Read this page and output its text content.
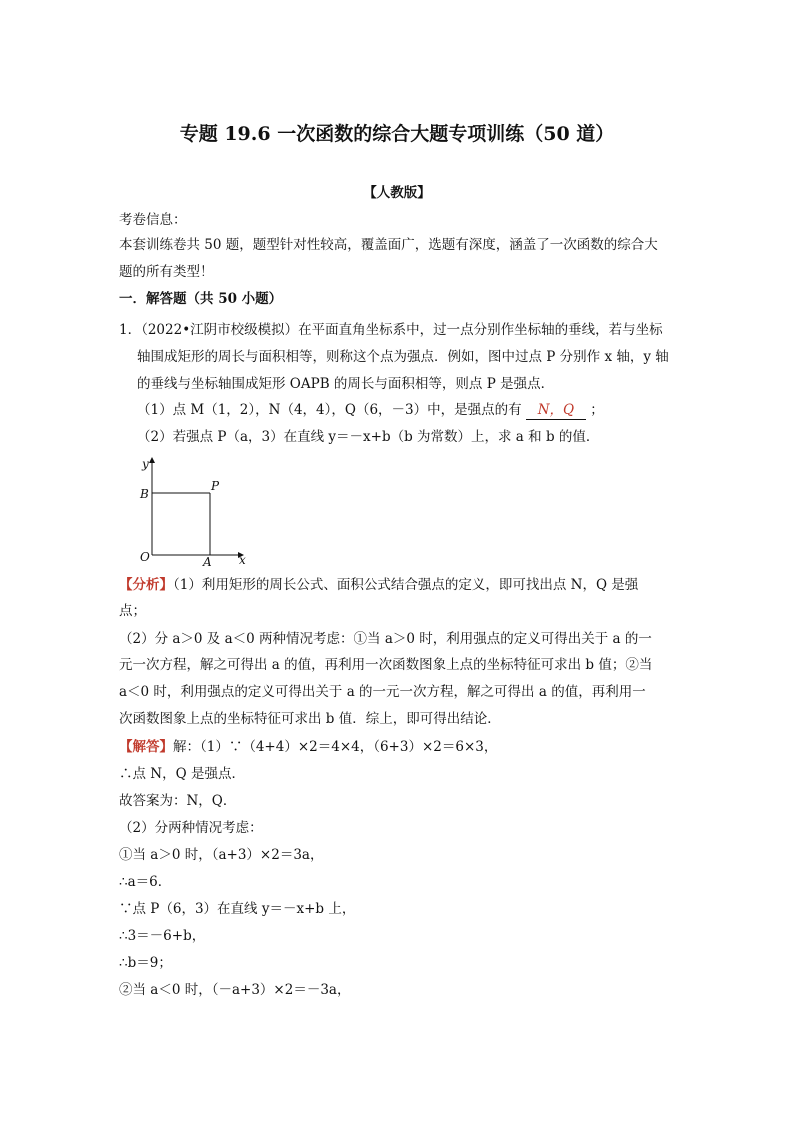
专题 19.6 一次函数的综合大题专项训练（50 道）
【人教版】
考卷信息：
本套训练卷共 50 题，题型针对性较高，覆盖面广，选题有深度，涵盖了一次函数的综合大
题的所有类型！
一．解答题（共 50 小题）
1．（2022•江阴市校级模拟）在平面直角坐标系中，过一点分别作坐标轴的垂线，若与坐标
轴围成矩形的周长与面积相等，则称这个点为强点．例如，图中过点 P 分别作 x 轴，y 轴
的垂线与坐标轴围成矩形 OAPB 的周长与面积相等，则点 P 是强点．
（1）点 M（1，2），N（4，4），Q（6，－3）中，是强点的有 N，Q ；
（2）若强点 P（a，3）在直线 y＝－x+b（b 为常数）上，求 a 和 b 的值．
y
x
B
P
O	A
【分析】（1）利用矩形的周长公式、面积公式结合强点的定义，即可找出点 N，Q 是强
点；
（2）分 a＞0 及 a＜0 两种情况考虑：①当 a＞0 时，利用强点的定义可得出关于 a 的一
元一次方程，解之可得出 a 的值，再利用一次函数图象上点的坐标特征可求出 b 值；②当
a＜0 时，利用强点的定义可得出关于 a 的一元一次方程，解之可得出 a 的值，再利用一
次函数图象上点的坐标特征可求出 b 值．综上，即可得出结论．
【解答】解：（1）∵（4+4）×2＝4×4，（6+3）×2＝6×3，
∴点 N，Q 是强点．
故答案为：N，Q．
（2）分两种情况考虑：
①当 a＞0 时，（a+3）×2＝3a，
∴a＝6．
∵点 P（6，3）在直线 y＝－x+b 上，
∴3＝－6+b，
∴b＝9；
②当 a＜0 时，（－a+3）×2＝－3a，
